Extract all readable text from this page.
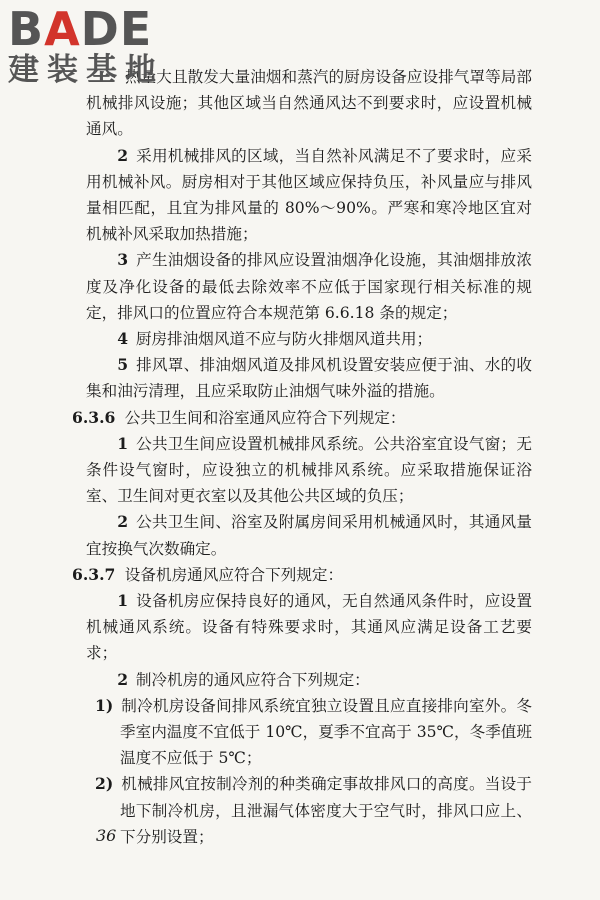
BADE
建装基地

热量大且散发大量油烟和蒸汽的厨房设备应设排气罩等局部机械排风设施；其他区域当自然通风达不到要求时，应设置机械通风。

2 采用机械排风的区域，当自然补风满足不了要求时，应采用机械补风。厨房相对于其他区域应保持负压，补风量应与排风量相匹配，且宜为排风量的 80%～90%。严寒和寒冷地区宜对机械补风采取加热措施；

3 产生油烟设备的排风应设置油烟净化设施，其油烟排放浓度及净化设备的最低去除效率不应低于国家现行相关标准的规定，排风口的位置应符合本规范第 6.6.18 条的规定；

4 厨房排油烟风道不应与防火排烟风道共用；

5 排风罩、排油烟风道及排风机设置安装应便于油、水的收集和油污清理，且应采取防止油烟气味外溢的措施。

6.3.6 公共卫生间和浴室通风应符合下列规定：

1 公共卫生间应设置机械排风系统。公共浴室宜设气窗；无条件设气窗时，应设独立的机械排风系统。应采取措施保证浴室、卫生间对更衣室以及其他公共区域的负压；

2 公共卫生间、浴室及附属房间采用机械通风时，其通风量宜按换气次数确定。

6.3.7 设备机房通风应符合下列规定：

1 设备机房应保持良好的通风，无自然通风条件时，应设置机械通风系统。设备有特殊要求时，其通风应满足设备工艺要求；

2 制冷机房的通风应符合下列规定：

1) 制冷机房设备间排风系统宜独立设置且应直接排向室外。冬季室内温度不宜低于 10℃，夏季不宜高于 35℃，冬季值班温度不应低于 5℃；

2) 机械排风宜按制冷剂的种类确定事故排风口的高度。当设于地下制冷机房，且泄漏气体密度大于空气时，排风口应上、下分别设置；

36
